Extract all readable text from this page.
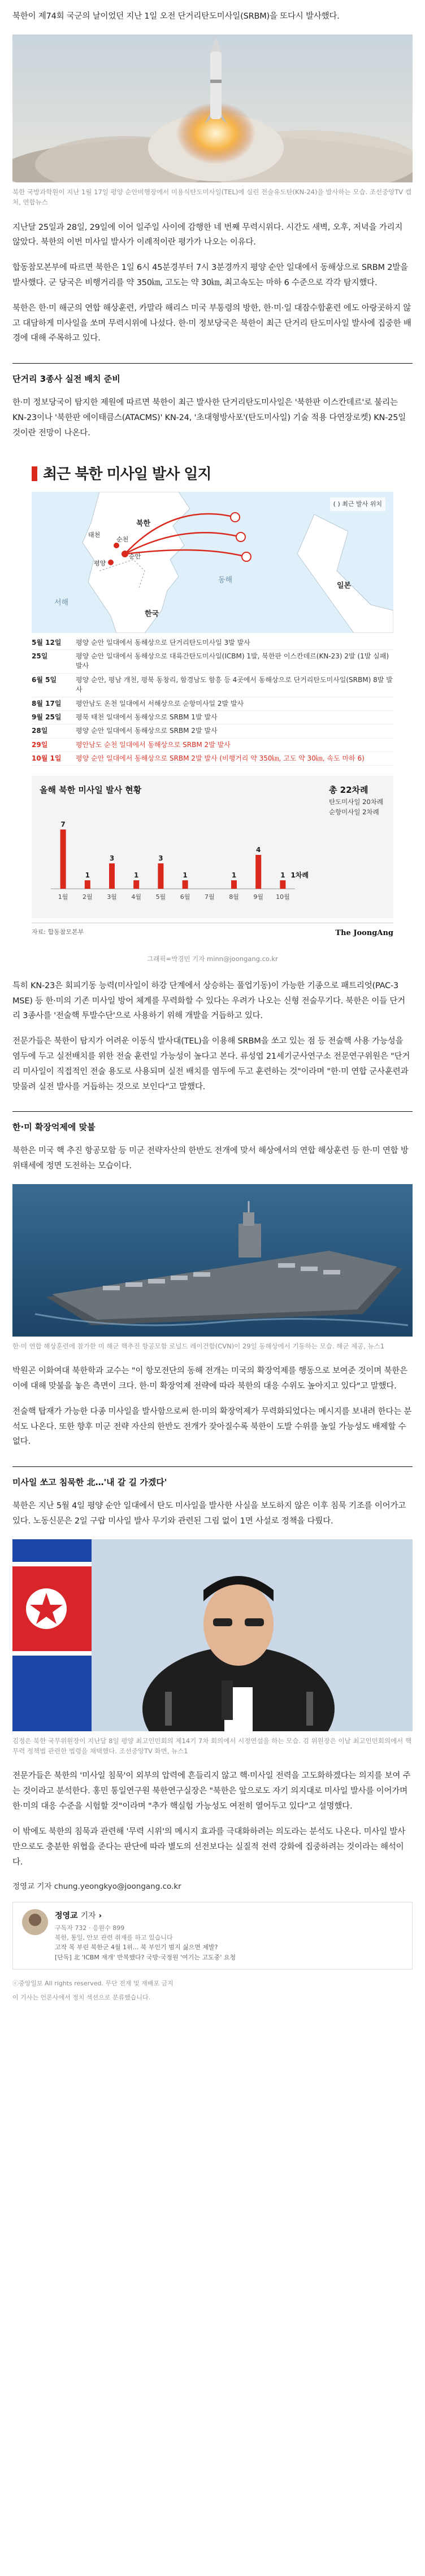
북한이 제74회 국군의 날이었던 지난 1일 오전 단거리탄도미사일(SRBM)을 또다시 발사했다.

북한 국방과학원이 지난 1월 17일 평양 순안비행장에서 미용식탄도미사일(TEL)에 실린 전술유도탄(KN-24)을 발사하는 모습. 조선중앙TV 캡처, 연합뉴스

지난달 25일과 28일, 29일에 이어 일주일 사이에 감행한 네 번째 무력시위다. 시간도 새벽, 오후, 저녁을 가리지 않았다. 북한의 이번 미사일 발사가 이례적이란 평가가 나오는 이유다.

합동참모본부에 따르면 북한은 1일 6시 45분경부터 7시 3분경까지 평양 순안 일대에서 동해상으로 SRBM 2발을 발사했다. 군 당국은 비행거리를 약 350㎞, 고도는 약 30㎞, 최고속도는 마하 6 수준으로 각각 탐지했다.

북한은 한·미 해군의 연합 해상훈련, 카말라 해리스 미국 부통령의 방한, 한·미·일 대잠수함훈련 에도 아랑곳하지 않고 대담하게 미사일을 쏘며 무력시위에 나섰다. 한·미 정보당국은 북한이 최근 단거리 탄도미사일 발사에 집중한 배경에 대해 주목하고 있다.

단거리 3종사 실전 배치 준비

한·미 정보당국이 탐지한 제원에 따르면 북한이 최근 발사한 단거리탄도미사일은 '북한판 이스칸데르'로 불리는 KN-23이나 '북한판 에이태큼스(ATACMS)' KN-24, '초대형방사포'(탄도미사일) 기술 적용 다연장로켓) KN-25일 것이란 전망이 나온다.

최근 북한 미사일 발사 일지
북한
평양
순천
순안
태천
동해
서해
한국
일본
( ) 최근 발사 위치
5월 12일	평양 순안 일대에서 동해상으로 단거리탄도미사일 3발 발사
25일	평양 순안 일대에서 동해상으로 대륙간탄도미사일(ICBM) 1발, 북한판 이스칸데르(KN-23) 2발 (1발 실패) 발사
6월 5일	평양 순안, 평남 개천, 평북 동창리, 함경남도 함흥 등 4곳에서 동해상으로 단거리탄도미사일(SRBM) 8발 발사
8월 17일	평안남도 온천 일대에서 서해상으로 순항미사일 2발 발사
9월 25일	평북 태천 일대에서 동해상으로 SRBM 1발 발사
28일	평양 순안 일대에서 동해상으로 SRBM 2발 발사
29일	평안남도 순천 일대에서 동해상으로 SRBM 2발 발사
10월 1일	평양 순안 일대에서 동해상으로 SRBM 2발 발사 (비행거리 약 350㎞, 고도 약 30㎞, 속도 마하 6)
올해 북한 미사일 발사 현황	총 22차례
탄도미사일 20차례
순항미사일 2차례
7
1월
1
2월
3
3월
1
4월
3
5월
1
6월 7월
1
8월
4
9월
1
10월
1차례
자료: 합동참모본부	The JoongAng
그래픽=박경민 기자 minn@joongang.co.kr

특히 KN-23은 회피기동 능력(미사일이 하강 단계에서 상승하는 풀업기동)이 가능한 기종으로 패트리엇(PAC-3 MSE) 등 한·미의 기존 미사일 방어 체계를 무력화할 수 있다는 우려가 나오는 신형 전술무기다. 북한은 이들 단거리 3종사를 '전술핵 투발수단'으로 사용하기 위해 개발을 거듭하고 있다.

전문가들은 북한이 탐지가 어려운 이동식 발사대(TEL)을 이용해 SRBM을 쏘고 있는 점 등 전술핵 사용 가능성을 염두에 두고 실전배치를 위한 전술 훈련일 가능성이 높다고 본다. 류성엽 21세기군사연구소 전문연구위원은 "단거리 미사일이 직접적인 전술 용도로 사용되며 실전 배치를 염두에 두고 훈련하는 것"이라며 "한·미 연합 군사훈련과 맞물려 실전 발사를 거듭하는 것으로 보인다"고 말했다.

한·미 확장억제에 맞불

북한은 미국 핵 추진 항공모함 등 미군 전략자산의 한반도 전개에 맞서 해상에서의 연합 해상훈련 등 한·미 연합 방위태세에 정면 도전하는 모습이다.

한·미 연합 해상훈련에 참가한 미 해군 핵추진 항공모함 로널드 레이건함(CVN)이 29일 동해상에서 기동하는 모습. 해군 제공, 뉴스1

박원곤 이화여대 북한학과 교수는 "이 항모전단의 동해 전개는 미국의 확장억제를 행동으로 보여준 것이며 북한은 이에 대해 맞불을 놓은 측면이 크다. 한·미 확장억제 전략에 따라 북한의 대응 수위도 높아지고 있다"고 말했다.

전술핵 탑재가 가능한 다종 미사일을 발사함으로써 한·미의 확장억제가 무력화되었다는 메시지를 보내려 한다는 분석도 나온다. 또한 향후 미군 전략 자산의 한반도 전개가 잦아질수록 북한이 도발 수위를 높일 가능성도 배제할 수 없다.

미사일 쏘고 침묵한 北…'내 갈 길 가겠다'

북한은 지난 5월 4일 평양 순안 일대에서 탄도 미사일을 발사한 사실을 보도하지 않은 이후 침묵 기조를 이어가고 있다. 노동신문은 2일 구랍 미사일 발사 무기와 관련된 그림 없이 1면 사설로 정책을 다뤘다.

김정은 북한 국무위원장이 지난달 8일 평양 최고인민회의 제14기 7차 회의에서 시정연설을 하는 모습. 김 위원장은 이날 최고인민회의에서 핵무력 정책법 관련한 법령을 채택했다. 조선중앙TV 화면, 뉴스1

전문가들은 북한의 '미사일 침묵'이 외부의 압력에 흔들리지 않고 핵·미사일 전력을 고도화하겠다는 의지를 보여 주는 것이라고 분석한다. 홍민 통일연구원 북한연구실장은 "북한은 앞으로도 자기 의지대로 미사일 발사를 이어가며 한·미의 대응 수준을 시험할 것"이라며 "추가 핵실험 가능성도 여전히 열어두고 있다"고 설명했다.

이 밖에도 북한의 침묵과 관련해 '무력 시위'의 메시지 효과를 극대화하려는 의도라는 분석도 나온다. 미사일 발사만으로도 충분한 위협을 준다는 판단에 따라 별도의 선전보다는 실질적 전력 강화에 집중하려는 것이라는 해석이다.

정영교 기자 chung.yeongkyo@joongang.co.kr

정영교 기자 ›
구독자 732 · 응원수 899
북한, 통일, 안보 관련 취재를 하고 있습니다
고작 목 부린 북한군 4월 1위... 북 부인기 범지 싫으면 제발?
[단독] 北 'ICBM 재개' 반복했다? 국방·국정원 '여기는 고도중' 요청
ⓒ중앙일보 All rights reserved. 무단 전재 및 재배포 금지
이 기사는 언론사에서 정치 섹션으로 분류했습니다.
